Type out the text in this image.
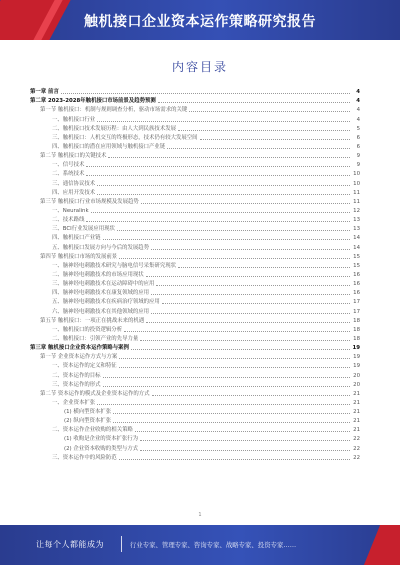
触机接口企业资本运作策略研究报告
内容目录
第一章 前言	4
第二章 2023-2028年触机接口市场前景及趋势预测	4
第一节 触机接口：机制与规则调查分析，驱动市场需求的关键	4
一、触机接口行业	4
二、触机接口技术发展历程：由人大到民族技术发展	5
三、触机接口：人机交互的终极形态，技术仍有较大发展空间	6
四、触机接口的潜在应用领域与触机接口产业链	6
第二节 触机接口的关键技术	9
一、信号技术	9
二、系统技术	10
三、通信协议技术	10
四、应用开发技术	11
第三节 触机接口行业市场规模及发展趋势	11
一、Neuralink	12
二、技术路线	13
三、BCI行业发展应用现状	13
四、触机接口产业链	14
五、触机接口发展方向与今后的发展趋势	14
第四节 触机接口市场的发展前景	15
一、脑神经电刺激技术研究与脑电信号采集研究现状	15
二、脑神经电刺激技术的市场应用现状	16
三、脑神经电刺激技术在运动障碍中的应用	16
四、脑神经电刺激技术在康复领域的应用	16
五、脑神经电刺激技术在疾病治疗领域的应用	17
六、脑神经电刺激技术在其他领域的应用	17
第五节 触机接口：一项正在挑战未来的机遇	18
一、触机接口的投资逻辑分析	18
二、触机接口：引领产业的先导力量	18
第三章 触机接口企业资本运作策略与案例	19
第一节 企业资本运作方式与方案	19
一、资本运作的定义和特征	19
二、资本运作的目标	20
三、资本运作的形式	20
第二节 资本运作的模式及企业资本运作的方式	21
一、企业资本扩张	21
(1) 横向型资本扩张	21
(2) 纵向型资本扩张	21
二、资本运作企业收购的相关策略	21
(1) 收购是企业的资本扩张行为	22
(2) 企业资本收购的类型与方式	22
三、资本运作中的风险防范	22
1
让每个人都能成为	行业专家、管理专家、咨询专家、战略专家、投资专家……
